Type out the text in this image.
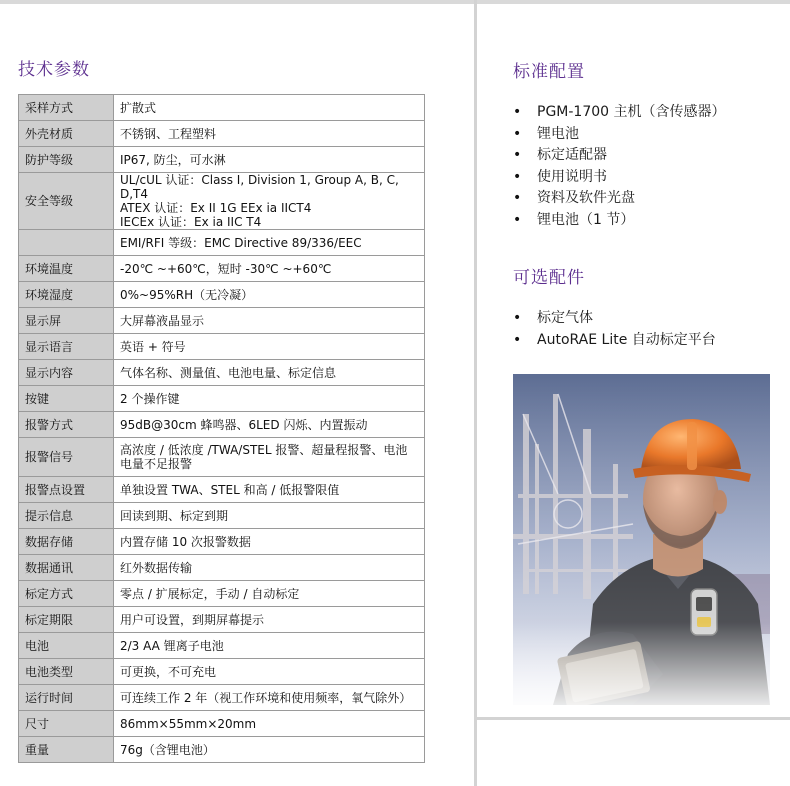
技术参数
采样方式	扩散式
外壳材质	不锈钢、工程塑料
防护等级	IP67, 防尘，可水淋
安全等级	UL/cUL 认证：Class I, Division 1, Group A, B, C, D,T4
ATEX 认证：Ex II 1G EEx ia IICT4
IECEx 认证：Ex ia IIC T4

	EMI/RFI 等级：EMC Directive 89/336/EEC
环境温度	-20℃ ~+60℃，短时 -30℃ ~+60℃
环境湿度	0%~95%RH（无冷凝）
显示屏	大屏幕液晶显示
显示语言	英语 + 符号
显示内容	气体名称、测量值、电池电量、标定信息
按键	2 个操作键
报警方式	95dB@30cm 蜂鸣器、6LED 闪烁、内置振动
报警信号	高浓度 / 低浓度 /TWA/STEL 报警、超量程报警、电池
电量不足报警

报警点设置	单独设置 TWA、STEL 和高 / 低报警限值
提示信息	回读到期、标定到期
数据存储	内置存储 10 次报警数据
数据通讯	红外数据传输
标定方式	零点 / 扩展标定，手动 / 自动标定
标定期限	用户可设置，到期屏幕提示
电池	2/3 AA 锂离子电池
电池类型	可更换，不可充电
运行时间	可连续工作 2 年（视工作环境和使用频率，氧气除外）
尺寸	86mm×55mm×20mm
重量	76g（含锂电池）
标准配置
• PGM-1700 主机（含传感器）
• 锂电池
• 标定适配器
• 使用说明书
• 资料及软件光盘
• 锂电池（1 节）
可选配件
• 标定气体
• AutoRAE Lite 自动标定平台
